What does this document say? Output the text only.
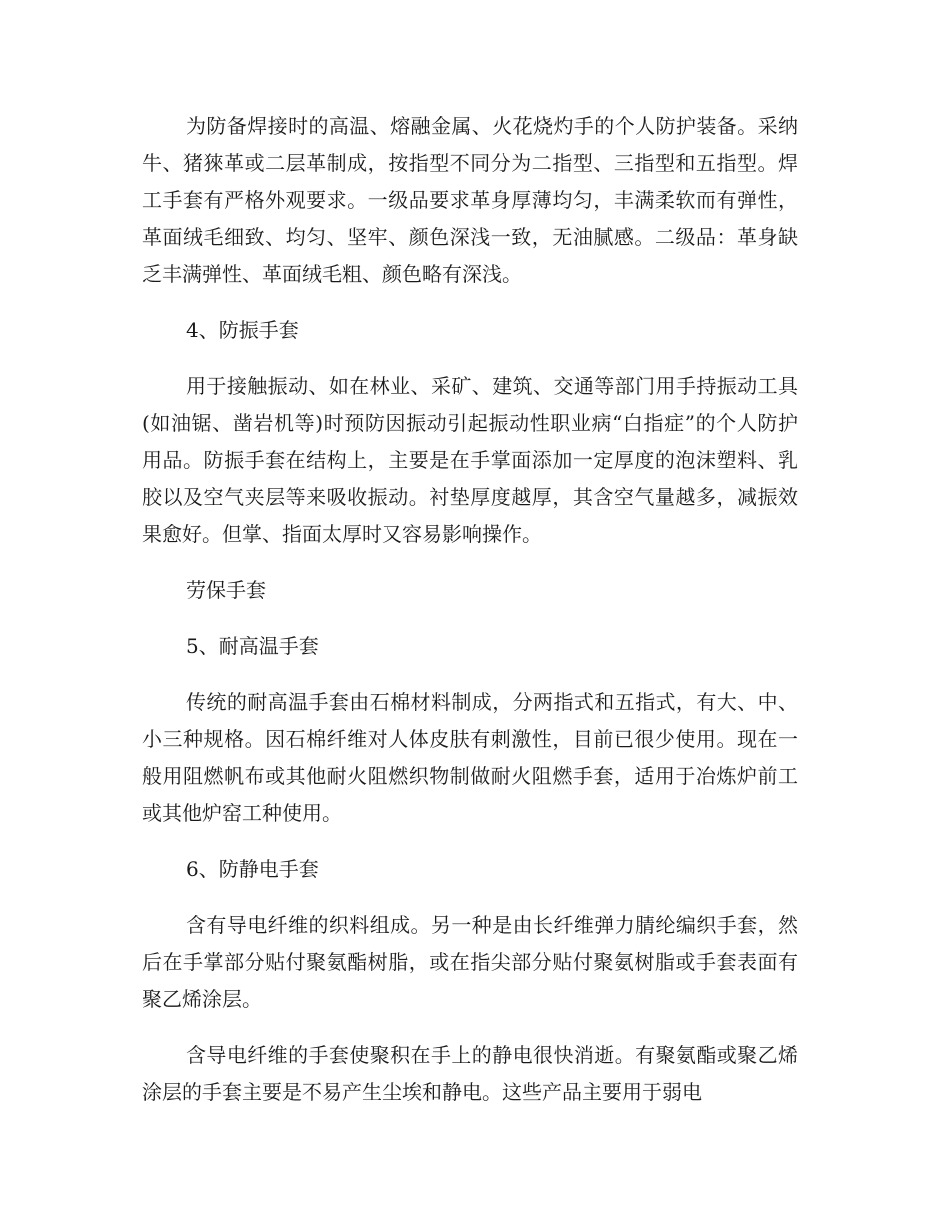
为防备焊接时的高温、熔融金属、火花烧灼手的个人防护装备。采纳牛、猪猍革或二层革制成，按指型不同分为二指型、三指型和五指型。焊工手套有严格外观要求。一级品要求革身厚薄均匀，丰满柔软而有弹性，革面绒毛细致、均匀、坚牢、颜色深浅一致，无油腻感。二级品：革身缺乏丰满弹性、革面绒毛粗、颜色略有深浅。

4、防振手套

用于接触振动、如在林业、采矿、建筑、交通等部门用手持振动工具(如油锯、凿岩机等)时预防因振动引起振动性职业病“白指症”的个人防护用品。防振手套在结构上，主要是在手掌面添加一定厚度的泡沫塑料、乳胶以及空气夹层等来吸收振动。衬垫厚度越厚，其含空气量越多，减振效果愈好。但掌、指面太厚时又容易影响操作。

劳保手套

5、耐高温手套

传统的耐高温手套由石棉材料制成，分两指式和五指式，有大、中、小三种规格。因石棉纤维对人体皮肤有刺激性，目前已很少使用。现在一般用阻燃帆布或其他耐火阻燃织物制做耐火阻燃手套，适用于冶炼炉前工或其他炉窑工种使用。

6、防静电手套

含有导电纤维的织料组成。另一种是由长纤维弹力腈纶编织手套，然后在手掌部分贴付聚氨酯树脂，或在指尖部分贴付聚氨树脂或手套表面有聚乙烯涂层。

含导电纤维的手套使聚积在手上的静电很快消逝。有聚氨酯或聚乙烯涂层的手套主要是不易产生尘埃和静电。这些产品主要用于弱电
